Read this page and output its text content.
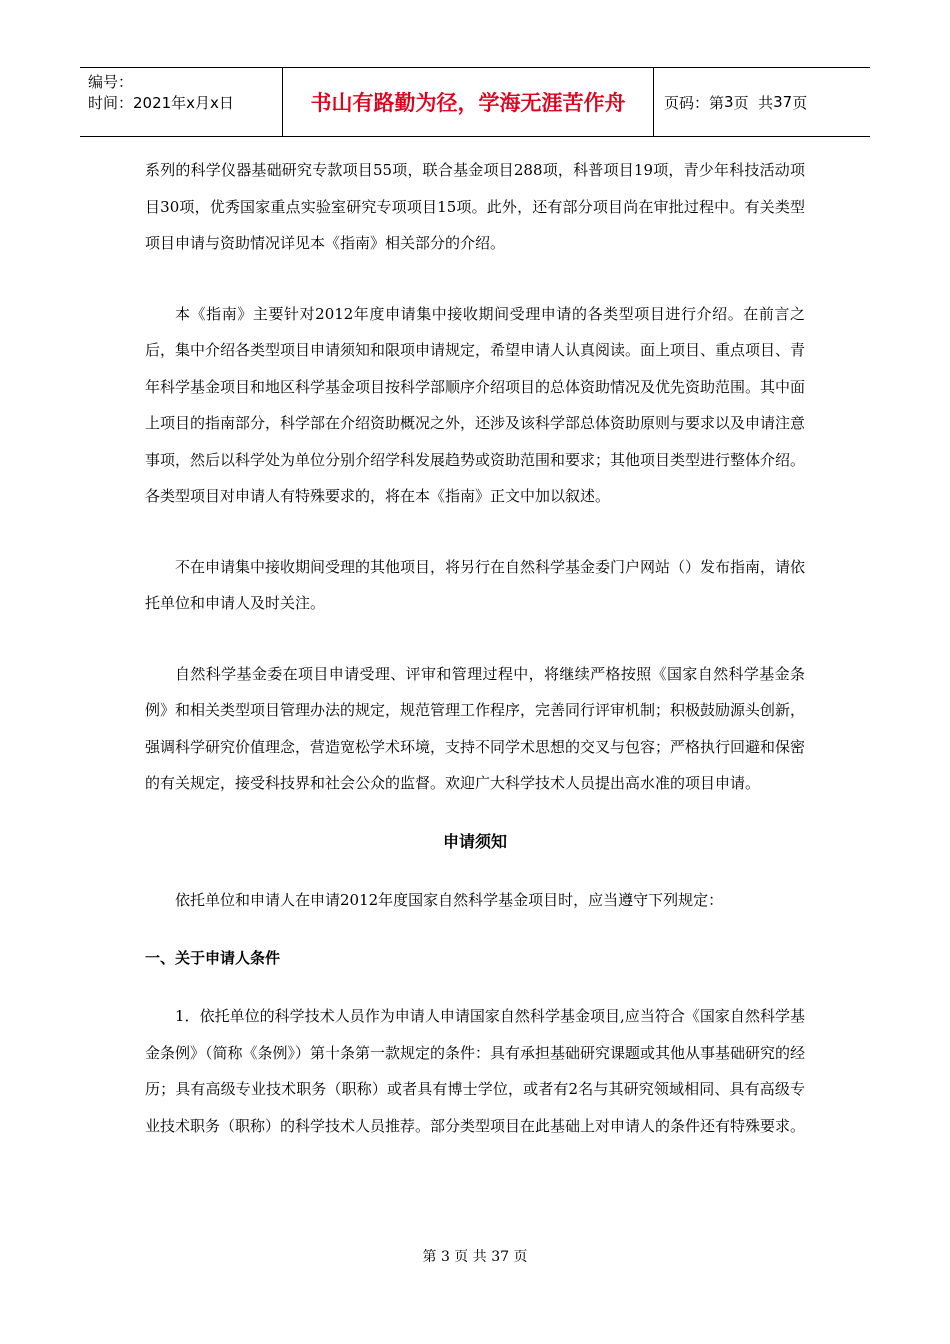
编号：
时间：2021年x月x日	书山有路勤为径，学海无涯苦作舟	页码：第 3 页  共 37 页

系列的科学仪器基础研究专款项目55项，联合基金项目288项，科普项目19项，青少年科技活动项目30项，优秀国家重点实验室研究专项项目15项。此外，还有部分项目尚在审批过程中。有关类型项目申请与资助情况详见本《指南》相关部分的介绍。

本《指南》主要针对2012年度申请集中接收期间受理申请的各类型项目进行介绍。在前言之后，集中介绍各类型项目申请须知和限项申请规定，希望申请人认真阅读。面上项目、重点项目、青年科学基金项目和地区科学基金项目按科学部顺序介绍项目的总体资助情况及优先资助范围。其中面上项目的指南部分，科学部在介绍资助概况之外，还涉及该科学部总体资助原则与要求以及申请注意事项，然后以科学处为单位分别介绍学科发展趋势或资助范围和要求；其他项目类型进行整体介绍。各类型项目对申请人有特殊要求的，将在本《指南》正文中加以叙述。

不在申请集中接收期间受理的其他项目，将另行在自然科学基金委门户网站（）发布指南，请依托单位和申请人及时关注。

自然科学基金委在项目申请受理、评审和管理过程中，将继续严格按照《国家自然科学基金条例》和相关类型项目管理办法的规定，规范管理工作程序，完善同行评审机制；积极鼓励源头创新，强调科学研究价值理念，营造宽松学术环境，支持不同学术思想的交叉与包容；严格执行回避和保密的有关规定，接受科技界和社会公众的监督。欢迎广大科学技术人员提出高水准的项目申请。

申请须知

依托单位和申请人在申请2012年度国家自然科学基金项目时，应当遵守下列规定：

一、关于申请人条件

1．依托单位的科学技术人员作为申请人申请国家自然科学基金项目,应当符合《国家自然科学基金条例》（简称《条例》）第十条第一款规定的条件：具有承担基础研究课题或其他从事基础研究的经历；具有高级专业技术职务（职称）或者具有博士学位，或者有2名与其研究领域相同、具有高级专业技术职务（职称）的科学技术人员推荐。部分类型项目在此基础上对申请人的条件还有特殊要求。

第 3 页 共 37 页
